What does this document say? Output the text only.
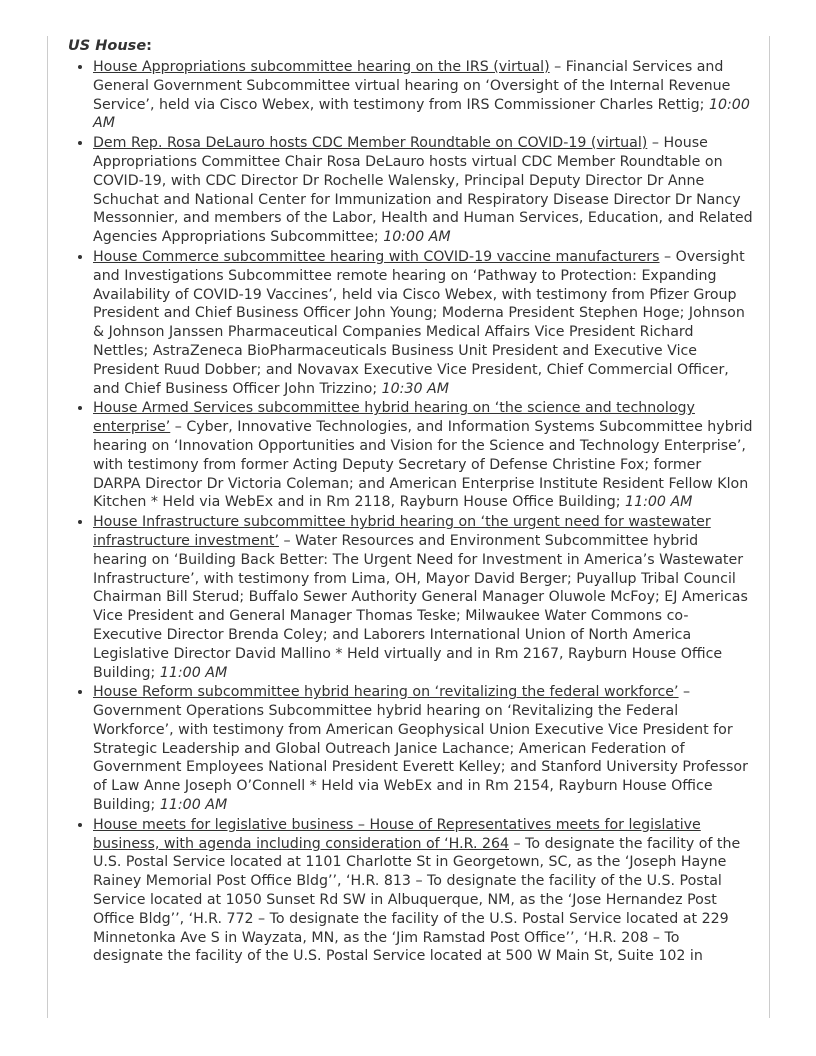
US House:
• House Appropriations subcommittee hearing on the IRS (virtual) – Financial Services and General Government Subcommittee virtual hearing on ‘Oversight of the Internal Revenue Service’, held via Cisco Webex, with testimony from IRS Commissioner Charles Rettig; 10:00 AM
• Dem Rep. Rosa DeLauro hosts CDC Member Roundtable on COVID-19 (virtual) – House Appropriations Committee Chair Rosa DeLauro hosts virtual CDC Member Roundtable on COVID-19, with CDC Director Dr Rochelle Walensky, Principal Deputy Director Dr Anne Schuchat and National Center for Immunization and Respiratory Disease Director Dr Nancy Messonnier, and members of the Labor, Health and Human Services, Education, and Related Agencies Appropriations Subcommittee; 10:00 AM
• House Commerce subcommittee hearing with COVID-19 vaccine manufacturers – Oversight and Investigations Subcommittee remote hearing on ‘Pathway to Protection: Expanding Availability of COVID-19 Vaccines’, held via Cisco Webex, with testimony from Pfizer Group President and Chief Business Officer John Young; Moderna President Stephen Hoge; Johnson & Johnson Janssen Pharmaceutical Companies Medical Affairs Vice President Richard Nettles; AstraZeneca BioPharmaceuticals Business Unit President and Executive Vice President Ruud Dobber; and Novavax Executive Vice President, Chief Commercial Officer, and Chief Business Officer John Trizzino; 10:30 AM
• House Armed Services subcommittee hybrid hearing on ‘the science and technology enterprise’ – Cyber, Innovative Technologies, and Information Systems Subcommittee hybrid hearing on ‘Innovation Opportunities and Vision for the Science and Technology Enterprise’, with testimony from former Acting Deputy Secretary of Defense Christine Fox; former DARPA Director Dr Victoria Coleman; and American Enterprise Institute Resident Fellow Klon Kitchen * Held via WebEx and in Rm 2118, Rayburn House Office Building; 11:00 AM
• House Infrastructure subcommittee hybrid hearing on ‘the urgent need for wastewater infrastructure investment’ – Water Resources and Environment Subcommittee hybrid hearing on ‘Building Back Better: The Urgent Need for Investment in America’s Wastewater Infrastructure’, with testimony from Lima, OH, Mayor David Berger; Puyallup Tribal Council Chairman Bill Sterud; Buffalo Sewer Authority General Manager Oluwole McFoy; EJ Americas Vice President and General Manager Thomas Teske; Milwaukee Water Commons co-Executive Director Brenda Coley; and Laborers International Union of North America Legislative Director David Mallino * Held virtually and in Rm 2167, Rayburn House Office Building; 11:00 AM
• House Reform subcommittee hybrid hearing on ‘revitalizing the federal workforce’ – Government Operations Subcommittee hybrid hearing on ‘Revitalizing the Federal Workforce’, with testimony from American Geophysical Union Executive Vice President for Strategic Leadership and Global Outreach Janice Lachance; American Federation of Government Employees National President Everett Kelley; and Stanford University Professor of Law Anne Joseph O’Connell * Held via WebEx and in Rm 2154, Rayburn House Office Building; 11:00 AM
• House meets for legislative business – House of Representatives meets for legislative business, with agenda including consideration of ‘H.R. 264 – To designate the facility of the U.S. Postal Service located at 1101 Charlotte St in Georgetown, SC, as the ‘Joseph Hayne Rainey Memorial Post Office Bldg’’, ‘H.R. 813 – To designate the facility of the U.S. Postal Service located at 1050 Sunset Rd SW in Albuquerque, NM, as the ‘Jose Hernandez Post Office Bldg’’, ‘H.R. 772 – To designate the facility of the U.S. Postal Service located at 229 Minnetonka Ave S in Wayzata, MN, as the ‘Jim Ramstad Post Office’’, ‘H.R. 208 – To designate the facility of the U.S. Postal Service located at 500 W Main St, Suite 102 in
